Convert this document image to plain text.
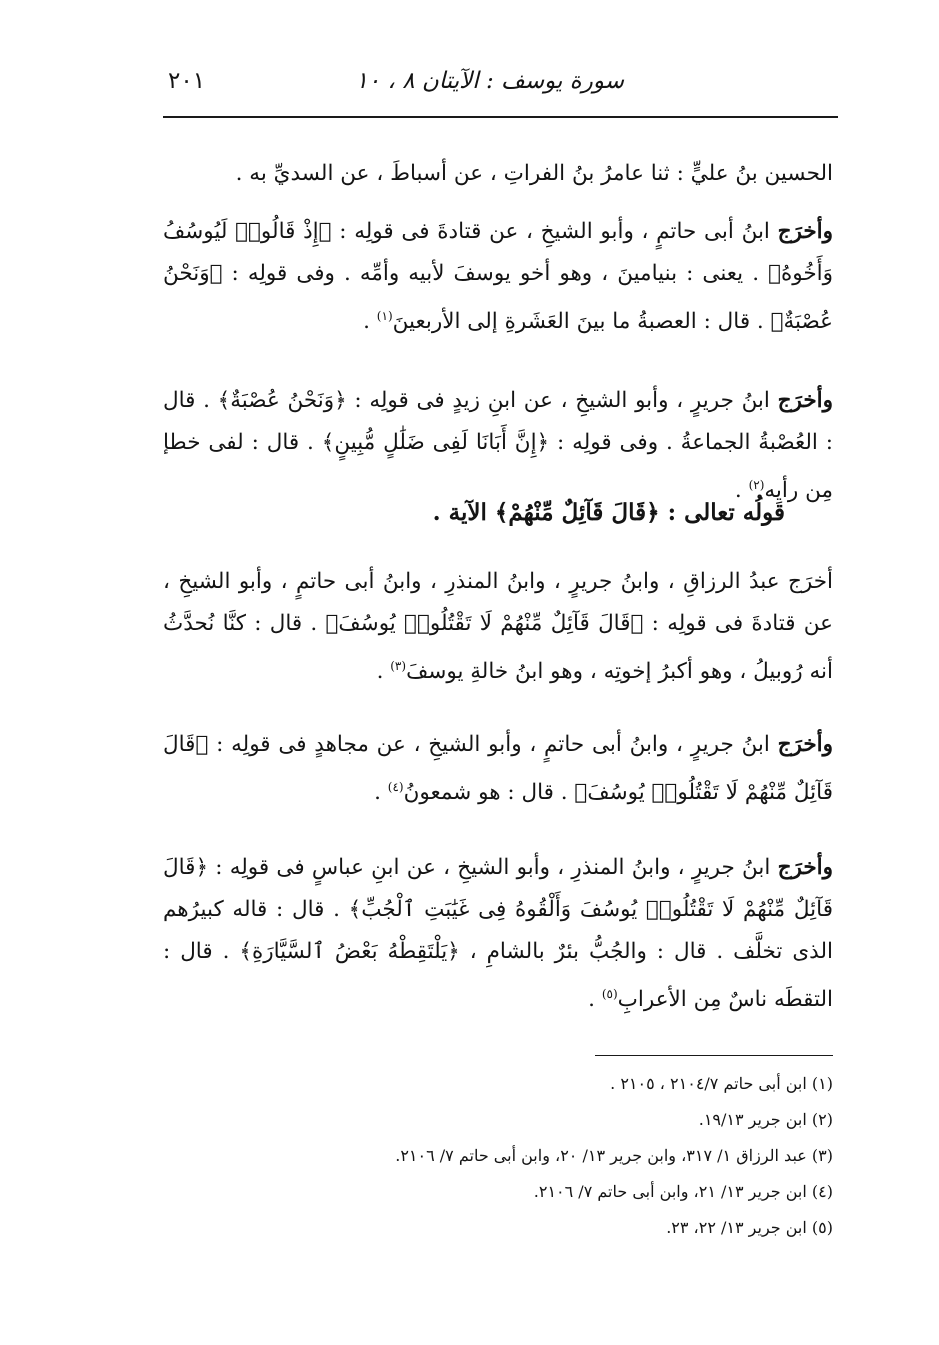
سورة يوسف : الآيتان ٨ ، ١٠
٢٠١

الحسين بنُ عليٍّ : ثنا عامرُ بنُ الفراتِ ، عن أسباطَ ، عن السديِّ به .

وأخرَج ابنُ أبى حاتمٍ ، وأبو الشيخِ ، عن قتادةَ فى قولِه : ﴿إِذْ قَالُوا۟ لَيُوسُفُ وَأَخُوهُ﴾ . يعنى : بنيامينَ ، وهو أخو يوسفَ لأبيه وأمِّه . وفى قولِه : ﴿وَنَحْنُ عُصْبَةٌ﴾ . قال : العصبةُ ما بينَ العَشَرةِ إلى الأربعينَ$^{(١)}$ .

وأخرَج ابنُ جريرٍ ، وأبو الشيخِ ، عن ابنِ زيدٍ فى قولِه : ﴿وَنَحْنُ عُصْبَةٌ﴾ . قال : العُصْبةُ الجماعةُ . وفى قولِه : ﴿إِنَّ أَبَانَا لَفِى ضَلَٰلٍ مُّبِينٍ﴾ . قال : لفى خطإ مِن رأيِه$^{(٢)}$ .

قولُه تعالى : ﴿قَالَ قَآئِلٌ مِّنْهُمْ﴾ الآية .

أخرَج عبدُ الرزاقِ ، وابنُ جريرٍ ، وابنُ المنذرِ ، وابنُ أبى حاتمٍ ، وأبو الشيخِ ، عن قتادةَ فى قولِه : ﴿قَالَ قَآئِلٌ مِّنْهُمْ لَا تَقْتُلُوا۟ يُوسُفَ﴾ . قال : كنَّا نُحدَّثُ أنه رُوبيلُ ، وهو أكبرُ إخوتِه ، وهو ابنُ خالةِ يوسفَ$^{(٣)}$ .

وأخرَج ابنُ جريرٍ ، وابنُ أبى حاتمٍ ، وأبو الشيخِ ، عن مجاهدٍ فى قولِه : ﴿قَالَ قَآئِلٌ مِّنْهُمْ لَا تَقْتُلُوا۟ يُوسُفَ﴾ . قال : هو شمعونُ$^{(٤)}$ .

وأخرَج ابنُ جريرٍ ، وابنُ المنذرِ ، وأبو الشيخِ ، عن ابنِ عباسٍ فى قولِه : ﴿قَالَ قَآئِلٌ مِّنْهُمْ لَا تَقْتُلُوا۟ يُوسُفَ وَأَلْقُوهُ فِى غَيَٰبَتِ ٱلْجُبِّ﴾ . قال : قاله كبيرُهم الذى تخلَّف . قال : والجُبُّ بئرٌ بالشامِ ، ﴿يَلْتَقِطْهُ بَعْضُ ٱلسَّيَّارَةِ﴾ . قال : التقطَه ناسٌ مِن الأعرابِ$^{(٥)}$ .

(١) ابن أبى حاتم ٢١٠٤/٧ ، ٢١٠٥ .
(٢) ابن جرير ١٩/١٣.
(٣) عبد الرزاق ١/ ٣١٧، وابن جرير ١٣/ ٢٠، وابن أبى حاتم ٧/ ٢١٠٦.
(٤) ابن جرير ١٣/ ٢١، وابن أبى حاتم ٧/ ٢١٠٦.
(٥) ابن جرير ١٣/ ٢٢، ٢٣.
